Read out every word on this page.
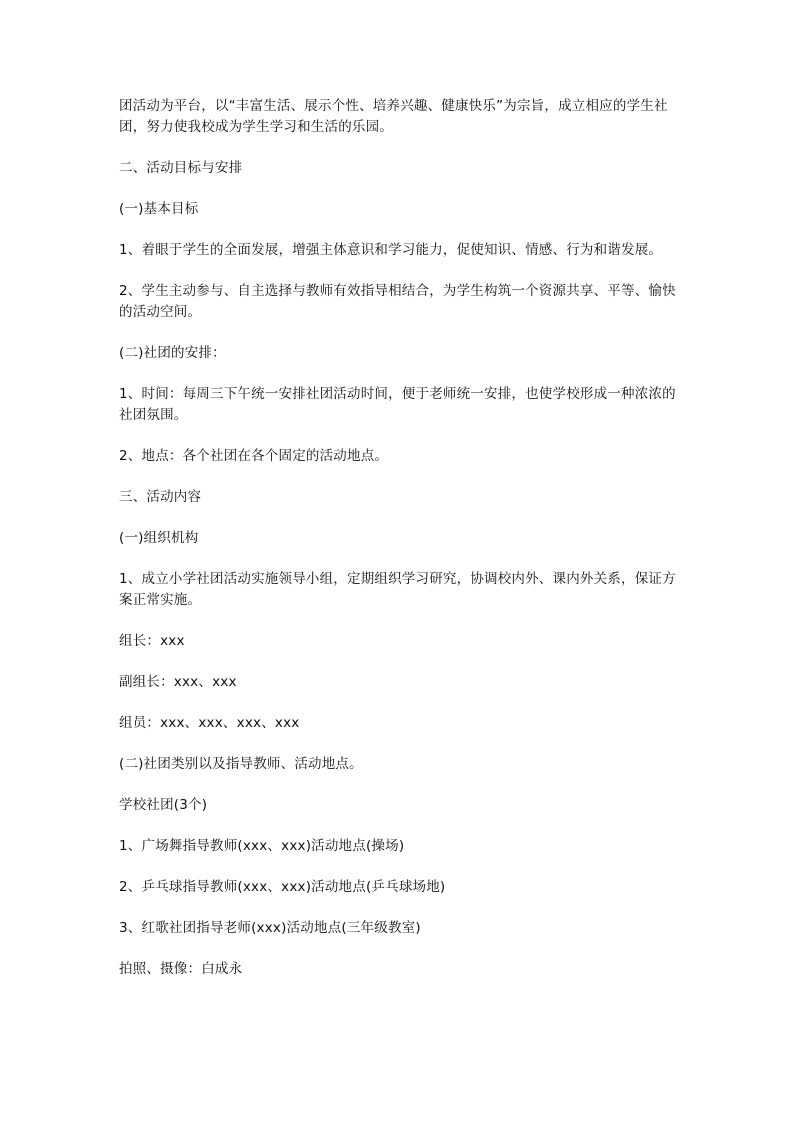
团活动为平台，以“丰富生活、展示个性、培养兴趣、健康快乐”为宗旨，成立相应的学生社团，努力使我校成为学生学习和生活的乐园。

二、活动目标与安排

(一)基本目标

1、着眼于学生的全面发展，增强主体意识和学习能力，促使知识、情感、行为和谐发展。

2、学生主动参与、自主选择与教师有效指导相结合，为学生构筑一个资源共享、平等、愉快的活动空间。

(二)社团的安排：

1、时间：每周三下午统一安排社团活动时间，便于老师统一安排，也使学校形成一种浓浓的社团氛围。

2、地点：各个社团在各个固定的活动地点。

三、活动内容

(一)组织机构

1、成立小学社团活动实施领导小组，定期组织学习研究，协调校内外、课内外关系，保证方案正常实施。

组长：xxx

副组长：xxx、xxx

组员：xxx、xxx、xxx、xxx

(二)社团类别以及指导教师、活动地点。

学校社团(3个)

1、广场舞指导教师(xxx、xxx)活动地点(操场)

2、乒乓球指导教师(xxx、xxx)活动地点(乒乓球场地)

3、红歌社团指导老师(xxx)活动地点(三年级教室)

拍照、摄像：白成永
